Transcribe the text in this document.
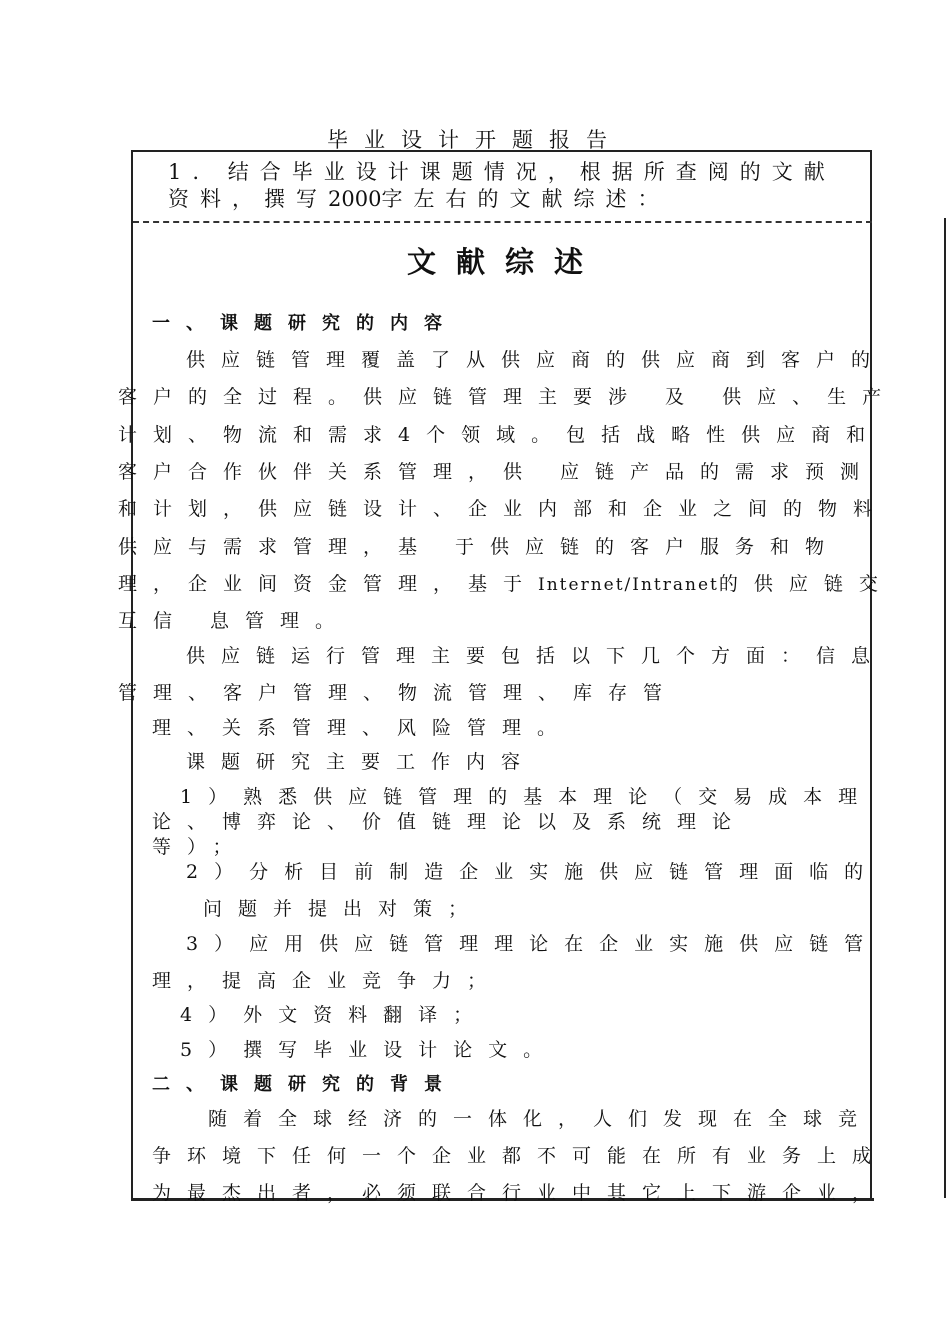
毕业设计开题报告
1. 结合毕业设计课题情况，根据所查阅的文献
资料，撰写2000字左右的文献综述：
文献综述
一、课题研究的内容
供应链管理覆盖了从供应商的供应商到客户的
客户的全过程。供应链管理主要涉 及 供应、生产
计划、物流和需求4个领域。包括战略性供应商和
客户合作伙伴关系管理，供 应链产品的需求预测
和计划，供应链设计、企业内部和企业之间的物料
供应与需求管理，基 于供应链的客户服务和物
理，企业间资金管理，基于Internet/Intranet的供应链交
互信 息管理。
供应链运行管理主要包括以下几个方面：信息
管理、客户管理、物流管理、库存管
理、关系管理、风险管理。
课题研究主要工作内容
1）熟悉供应链管理的基本理论（交易成本理
论、博弈论、价值链理论以及系统理论
等）；
2）分析目前制造企业实施供应链管理面临的
问题并提出对策；
3）应用供应链管理理论在企业实施供应链管
理，提高企业竞争力；
4）外文资料翻译；
5）撰写毕业设计论文。
二、课题研究的背景
随着全球经济的一体化，人们发现在全球竞
争环境下任何一个企业都不可能在所有业务上成
为最杰出者，必须联合行业中其它上下游企业，
